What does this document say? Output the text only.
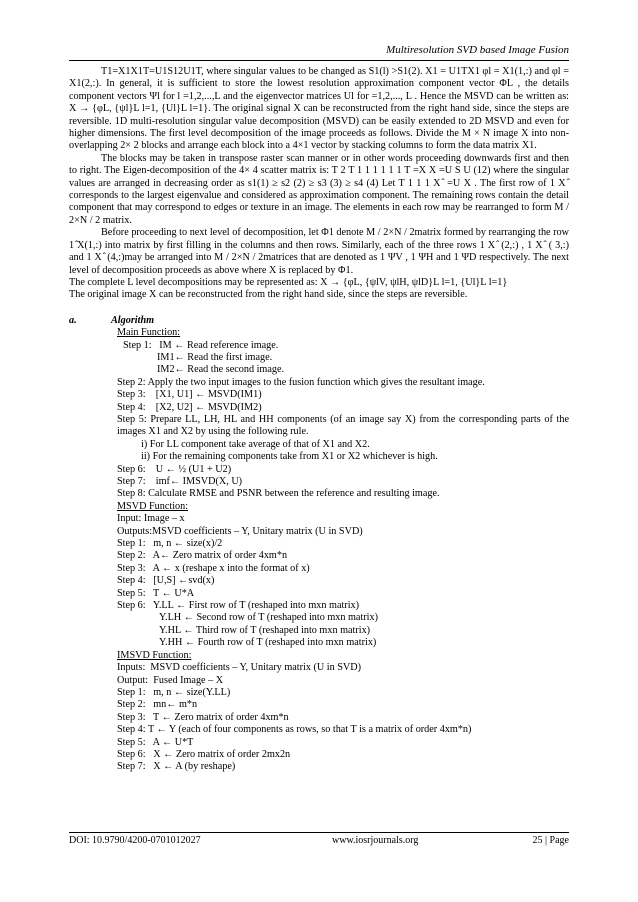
Multiresolution SVD based Image Fusion

T1=X1X1T=U1S12U1T, where singular values to be changed as S1(l) >S1(2). X1 = U1TX1 φl = X1(1,:) and φl = X1(2,:). In general, it is sufficient to store the lowest resolution approximation component vector ΦL , the details component vectors Ψl for l =1,2,...,L and the eigenvector matrices Ul for =1,2,..., L . Hence the MSVD can be written as: X → {φL, {ψl}L l=1, {Ul}L l=1}. The original signal X can be reconstructed from the right hand side, since the steps are reversible. 1D multi-resolution singular value decomposition (MSVD) can be easily extended to 2D MSVD and even for higher dimensions. The first level decomposition of the image proceeds as follows. Divide the M × N image X into non-overlapping 2× 2 blocks and arrange each block into a 4×1 vector by stacking columns to form the data matrix X1.

The blocks may be taken in transpose raster scan manner or in other words proceeding downwards first and then to right. The Eigen-decomposition of the 4× 4 scatter matrix is: T 2 T 1 1 1 1 1 1 T =X X =U S U (12) where the singular values are arranged in decreasing order as s1(1) ≥ s2 (2) ≥ s3 (3) ≥ s4 (4) Let T 1 1 1 X ̂ =U X . The first row of 1 X ̂ corresponds to the largest eigenvalue and considered as approximation component. The remaining rows contain the detail component that may correspond to edges or texture in an image. The elements in each row may be rearranged to form M / 2×N / 2 matrix.

Before proceeding to next level of decomposition, let Φ1 denote M / 2×N / 2matrix formed by rearranging the row 1 ̂X(1,:) into matrix by first filling in the columns and then rows. Similarly, each of the three rows 1 X ̂ (2,:) , 1 X ̂ ( 3,:) and 1 X ̂ (4,:)may be arranged into M / 2×N / 2matrices that are denoted as 1 ΨV , 1 ΨH and 1 ΨD respectively. The next level of decomposition proceeds as above where X is replaced by Φ1.

The complete L level decompositions may be represented as: X → {φL, {ψlV, ψlH, ψlD}L l=1, {Ul}L l=1}

The original image X can be reconstructed from the right hand side, since the steps are reversible.

a.	Algorithm
Main Function:
Step 1:   IM ← Read reference image.
IM1← Read the first image.
IM2← Read the second image.
Step 2: Apply the two input images to the fusion function which gives the resultant image.
Step 3:    [X1, U1] ← MSVD(IM1)
Step 4:    [X2, U2] ← MSVD(IM2)

Step 5: Prepare LL, LH, HL and HH components (of an image say X) from the corresponding parts of the images X1 and X2 by using the following rule.

i) For LL component take average of that of X1 and X2.
ii) For the remaining components take from X1 or X2 whichever is high.
Step 6:    U ← ½ (U1 + U2)
Step 7:    imf← IMSVD(X, U)
Step 8: Calculate RMSE and PSNR between the reference and resulting image.
MSVD Function:
Input: Image – x
Outputs:MSVD coefficients – Y, Unitary matrix (U in SVD)
Step 1:   m, n ← size(x)/2
Step 2:   A← Zero matrix of order 4xm*n
Step 3:   A ← x (reshape x into the format of x)
Step 4:   [U,S] ←svd(x)
Step 5:   T ← U*A
Step 6:   Y.LL ← First row of T (reshaped into mxn matrix)
Y.LH ← Second row of T (reshaped into mxn matrix)
Y.HL ← Third row of T (reshaped into mxn matrix)
Y.HH ← Fourth row of T (reshaped into mxn matrix)
IMSVD Function:
Inputs:  MSVD coefficients – Y, Unitary matrix (U in SVD)
Output:  Fused Image – X
Step 1:   m, n ← size(Y.LL)
Step 2:   mn← m*n
Step 3:   T ← Zero matrix of order 4xm*n
Step 4: T ← Y (each of four components as rows, so that T is a matrix of order 4xm*n)
Step 5:   A ← U*T
Step 6:   X ← Zero matrix of order 2mx2n
Step 7:   X ← A (by reshape)
DOI: 10.9790/4200-0701012027	www.iosrjournals.org	25 | Page
